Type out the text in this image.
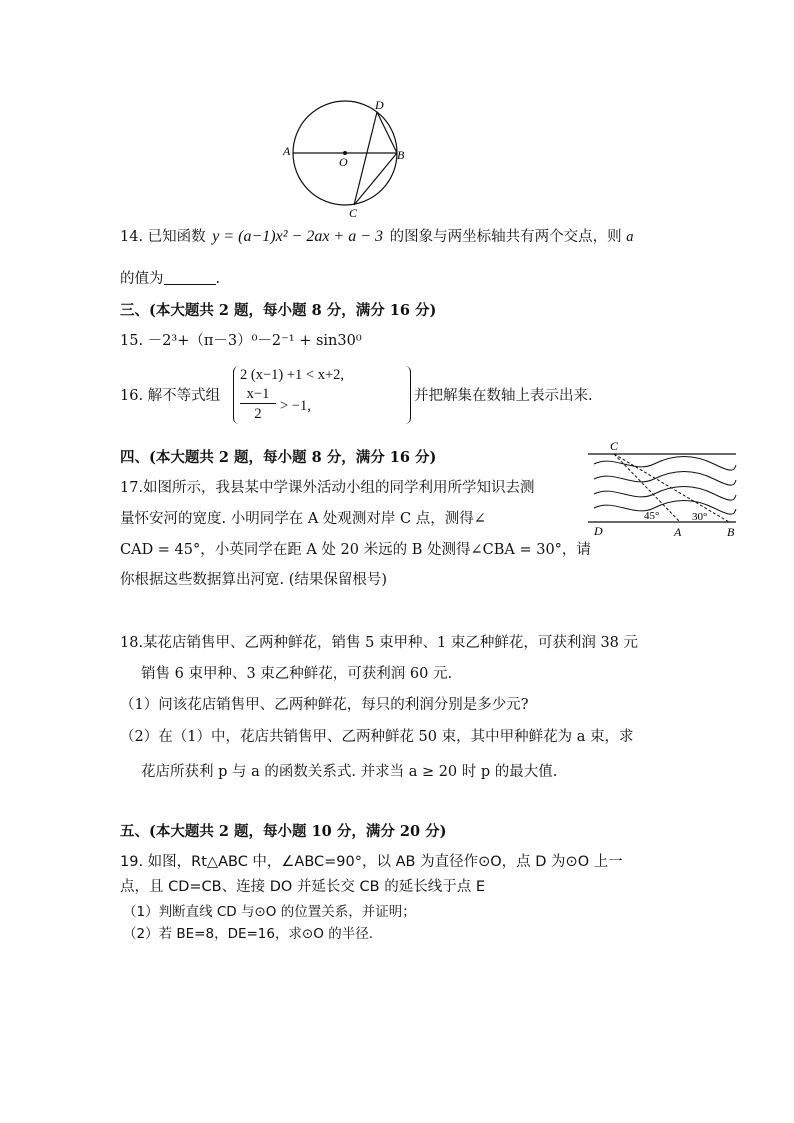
A
O	B
C
D
14. 已知函数 y = (a−1)x² − 2ax + a − 3 的图象与两坐标轴共有两个交点，则 a
的值为	.
三、(本大题共 2 题，每小题 8 分，满分 16 分)
15. －2³+（π－3）⁰－2⁻¹ + sin30⁰
16. 解不等式组
2 (x−1) +1 < x+2,
x−1
2	> −1,
并把解集在数轴上表示出来.
四、(本大题共 2 题，每小题 8 分，满分 16 分)
17.如图所示，我县某中学课外活动小组的同学利用所学知识去测
量怀安河的宽度. 小明同学在 A 处观测对岸 C 点，测得∠
CAD = 45°，小英同学在距 A 处 20 米远的 B 处测得∠CBA = 30°，请
你根据这些数据算出河宽. (结果保留根号)
C
D	A	B
45°	30°
18.某花店销售甲、乙两种鲜花，销售 5 束甲种、1 束乙种鲜花，可获利润 38 元
销售 6 束甲种、3 束乙种鲜花，可获利润 60 元.
（1）问该花店销售甲、乙两种鲜花，每只的利润分别是多少元?
（2）在（1）中，花店共销售甲、乙两种鲜花 50 束，其中甲种鲜花为 a 束，求
花店所获利 p 与 a 的函数关系式. 并求当 a ≥ 20 时 p 的最大值.
五、(本大题共 2 题，每小题 10 分，满分 20 分)
19. 如图，Rt△ABC 中，∠ABC=90°，以 AB 为直径作⊙O，点 D 为⊙O 上一
点，且 CD=CB、连接 DO 并延长交 CB 的延长线于点 E
（1）判断直线 CD 与⊙O 的位置关系，并证明；
（2）若 BE=8，DE=16，求⊙O 的半径.
